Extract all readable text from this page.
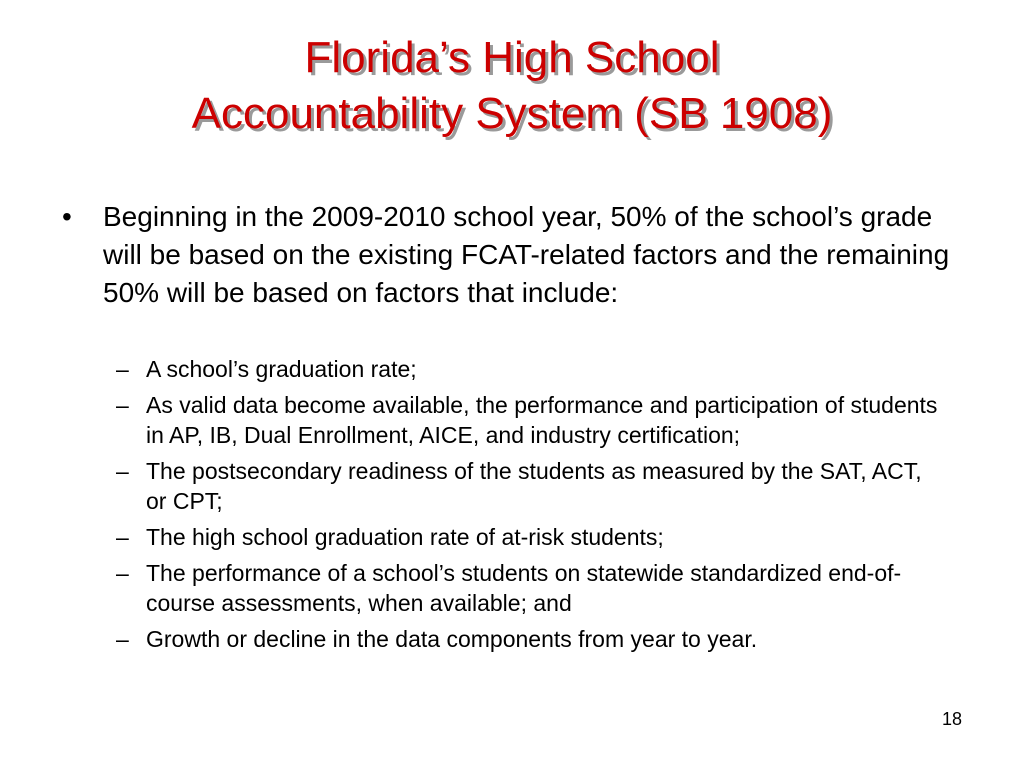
Florida’s High School
Accountability System (SB 1908)
• Beginning in the 2009-2010 school year, 50% of the school’s grade will be based on the existing FCAT-related factors and the remaining 50% will be based on factors that include:
– A school’s graduation rate;
– As valid data become available, the performance and participation of students in AP, IB, Dual Enrollment, AICE, and industry certification;
– The postsecondary readiness of the students as measured by the SAT, ACT, or CPT;
– The high school graduation rate of at-risk students;
– The performance of a school’s students on statewide standardized end-of-course assessments, when available; and
– Growth or decline in the data components from year to year.
18
